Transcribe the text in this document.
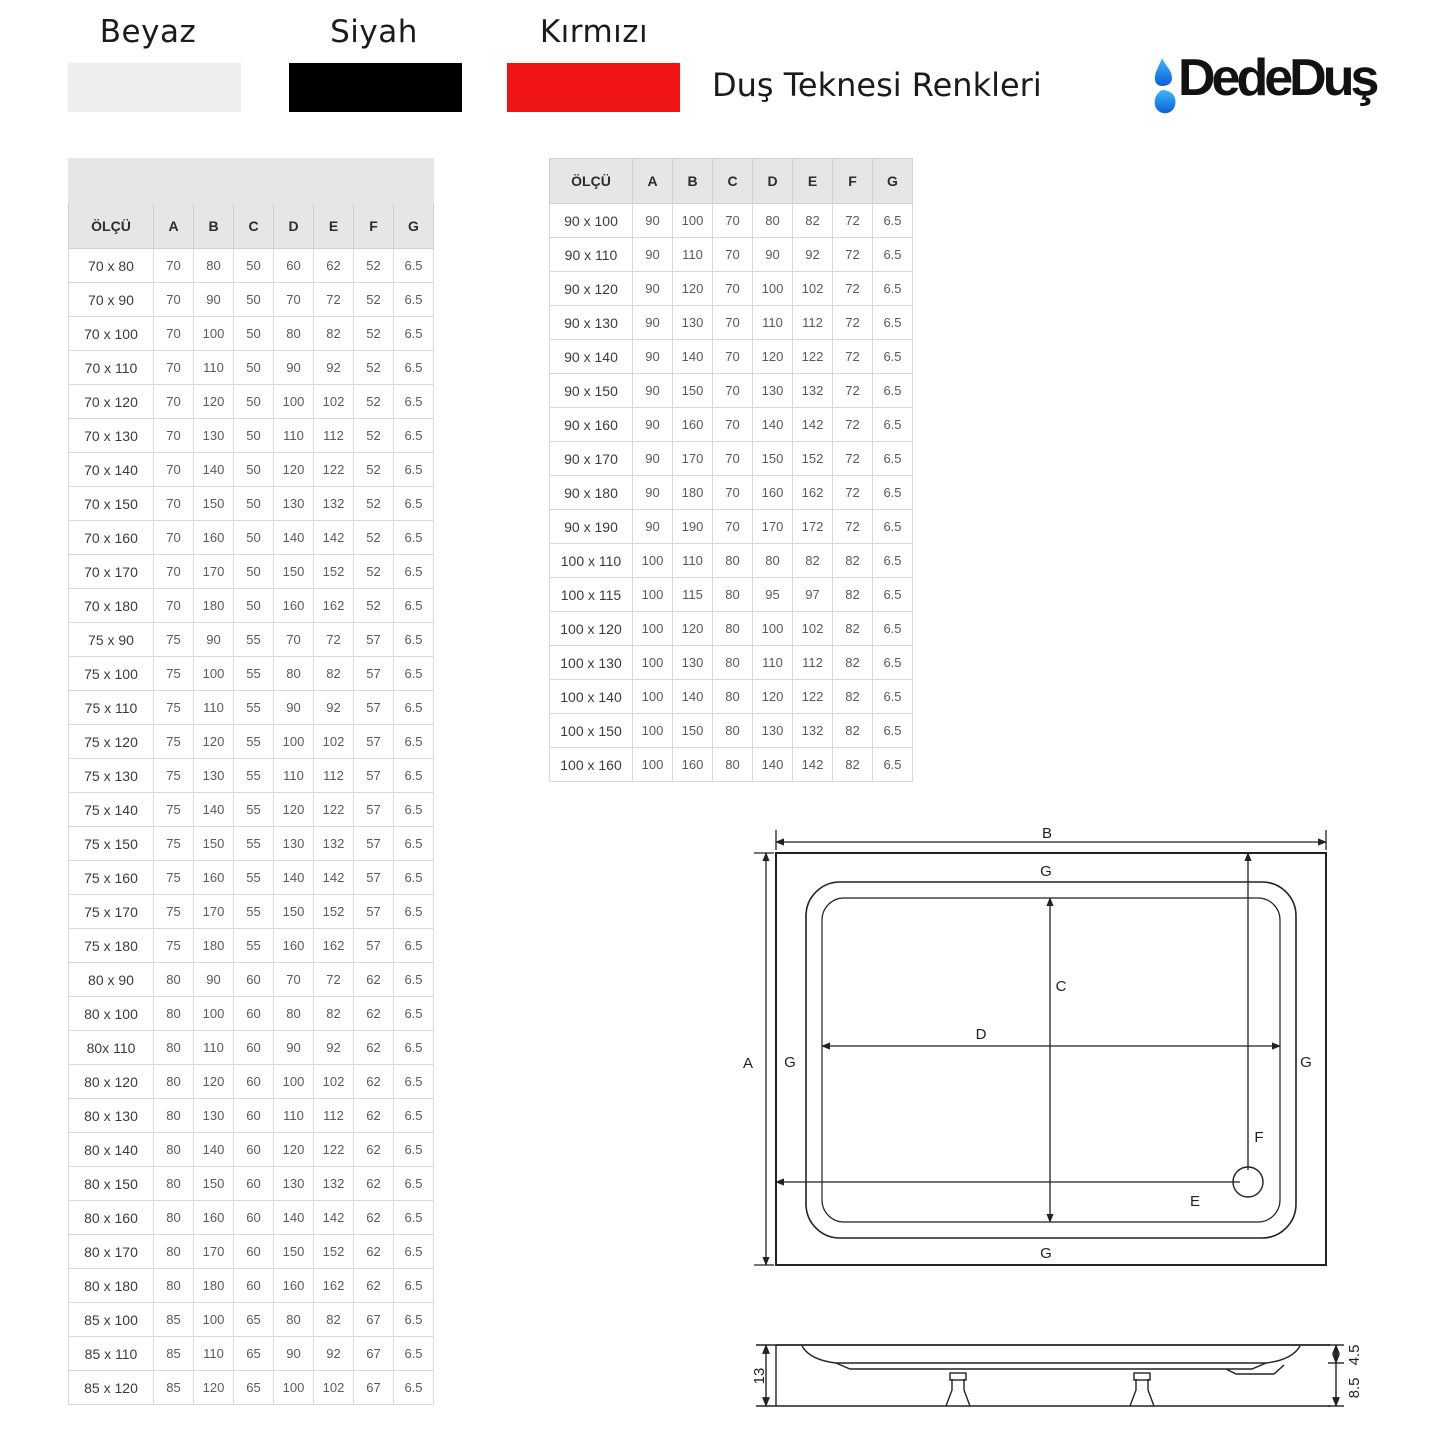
Beyaz	Siyah	Kırmızı
Duş Teknesi Renkleri	DedeDuş

ÖLÇÜ	A	B	C	D	E	F	G
70 x 80	70	80	50	60	62	52	6.5
70 x 90	70	90	50	70	72	52	6.5
70 x 100	70	100	50	80	82	52	6.5
70 x 110	70	110	50	90	92	52	6.5
70 x 120	70	120	50	100	102	52	6.5
70 x 130	70	130	50	110	112	52	6.5
70 x 140	70	140	50	120	122	52	6.5
70 x 150	70	150	50	130	132	52	6.5
70 x 160	70	160	50	140	142	52	6.5
70 x 170	70	170	50	150	152	52	6.5
70 x 180	70	180	50	160	162	52	6.5
75 x 90	75	90	55	70	72	57	6.5
75 x 100	75	100	55	80	82	57	6.5
75 x 110	75	110	55	90	92	57	6.5
75 x 120	75	120	55	100	102	57	6.5
75 x 130	75	130	55	110	112	57	6.5
75 x 140	75	140	55	120	122	57	6.5
75 x 150	75	150	55	130	132	57	6.5
75 x 160	75	160	55	140	142	57	6.5
75 x 170	75	170	55	150	152	57	6.5
75 x 180	75	180	55	160	162	57	6.5
80 x 90	80	90	60	70	72	62	6.5
80 x 100	80	100	60	80	82	62	6.5
80x 110	80	110	60	90	92	62	6.5
80 x 120	80	120	60	100	102	62	6.5
80 x 130	80	130	60	110	112	62	6.5
80 x 140	80	140	60	120	122	62	6.5
80 x 150	80	150	60	130	132	62	6.5
80 x 160	80	160	60	140	142	62	6.5
80 x 170	80	170	60	150	152	62	6.5
80 x 180	80	180	60	160	162	62	6.5
85 x 100	85	100	65	80	82	67	6.5
85 x 110	85	110	65	90	92	67	6.5
85 x 120	85	120	65	100	102	67	6.5
ÖLÇÜ	A	B	C	D	E	F	G
90 x 100	90	100	70	80	82	72	6.5
90 x 110	90	110	70	90	92	72	6.5
90 x 120	90	120	70	100	102	72	6.5
90 x 130	90	130	70	110	112	72	6.5
90 x 140	90	140	70	120	122	72	6.5
90 x 150	90	150	70	130	132	72	6.5
90 x 160	90	160	70	140	142	72	6.5
90 x 170	90	170	70	150	152	72	6.5
90 x 180	90	180	70	160	162	72	6.5
90 x 190	90	190	70	170	172	72	6.5
100 x 110	100	110	80	80	82	82	6.5
100 x 115	100	115	80	95	97	82	6.5
100 x 120	100	120	80	100	102	82	6.5
100 x 130	100	130	80	110	112	82	6.5
100 x 140	100	140	80	120	122	82	6.5
100 x 150	100	150	80	130	132	82	6.5
100 x 160	100	160	80	140	142	82	6.5
B
A
G
G
G	G
C
D
E
F
13
4.5
8.5
